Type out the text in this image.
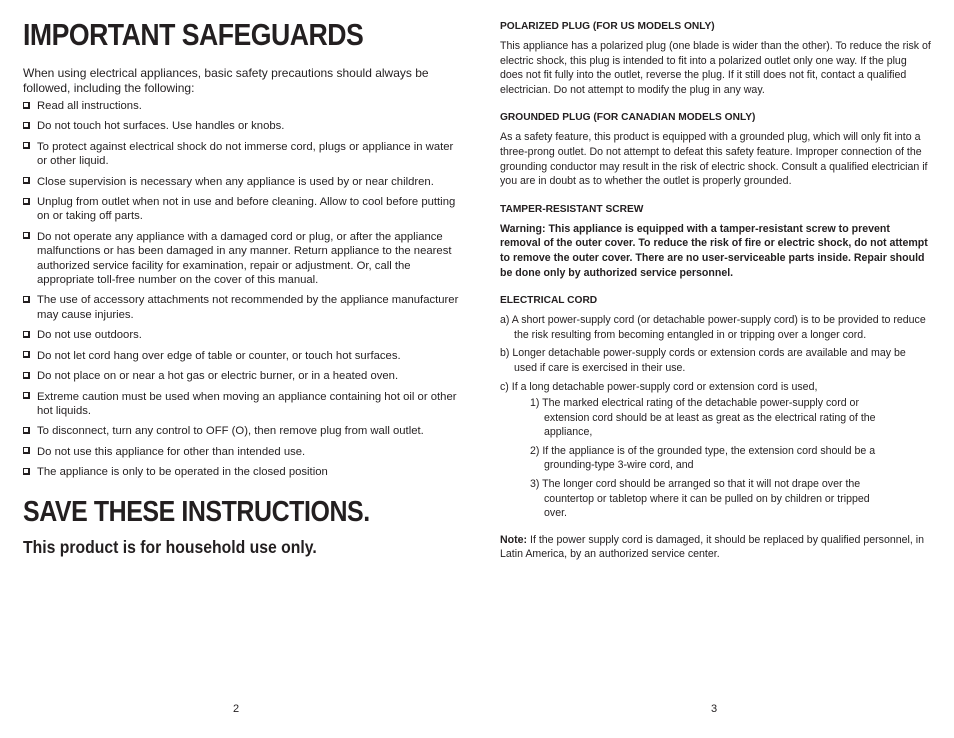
IMPORTANT SAFEGUARDS

When using electrical appliances, basic safety precautions should always be followed, including the following:

Read all instructions.
Do not touch hot surfaces. Use handles or knobs.
To protect against electrical shock do not immerse cord, plugs or appliance in water or other liquid.
Close supervision is necessary when any appliance is used by or near children.
Unplug from outlet when not in use and before cleaning. Allow to cool before putting on or taking off parts.
Do not operate any appliance with a damaged cord or plug, or after the appliance malfunctions or has been damaged in any manner. Return appliance to the nearest authorized service facility for examination, repair or adjustment. Or, call the appropriate toll-free number on the cover of this manual.
The use of accessory attachments not recommended by the appliance manufacturer may cause injuries.
Do not use outdoors.
Do not let cord hang over edge of table or counter, or touch hot surfaces.
Do not place on or near a hot gas or electric burner, or in a heated oven.
Extreme caution must be used when moving an appliance containing hot oil or other hot liquids.
To disconnect, turn any control to OFF (O), then remove plug from wall outlet.
Do not use this appliance for other than intended use.
The appliance is only to be operated in the closed position
SAVE THESE INSTRUCTIONS.

This product is for household use only.

2
POLARIZED PLUG (FOR US MODELS ONLY)

This appliance has a polarized plug (one blade is wider than the other). To reduce the risk of electric shock, this plug is intended to fit into a polarized outlet only one way. If the plug does not fit fully into the outlet, reverse the plug. If it still does not fit, contact a qualified electrician. Do not attempt to modify the plug in any way.

GROUNDED PLUG (FOR CANADIAN MODELS ONLY)

As a safety feature, this product is equipped with a grounded plug, which will only fit into a three-prong outlet. Do not attempt to defeat this safety feature. Improper connection of the grounding conductor may result in the risk of electric shock. Consult a qualified electrician if you are in doubt as to whether the outlet is properly grounded.

TAMPER-RESISTANT SCREW

Warning: This appliance is equipped with a tamper-resistant screw to prevent removal of the outer cover. To reduce the risk of fire or electric shock, do not attempt to remove the outer cover. There are no user-serviceable parts inside. Repair should be done only by authorized service personnel.

ELECTRICAL CORD
a) A short power-supply cord (or detachable power-supply cord) is to be provided to reduce the risk resulting from becoming entangled in or tripping over a longer cord.
b) Longer detachable power-supply cords or extension cords are available and may be used if care is exercised in their use.
c) If a long detachable power-supply cord or extension cord is used,
1) The marked electrical rating of the detachable power-supply cord or extension cord should be at least as great as the electrical rating of the appliance,
2) If the appliance is of the grounded type, the extension cord should be a grounding-type 3-wire cord, and
3) The longer cord should be arranged so that it will not drape over the countertop or tabletop where it can be pulled on by children or tripped over.

Note: If the power supply cord is damaged, it should be replaced by qualified personnel, in Latin America, by an authorized service center.

3
